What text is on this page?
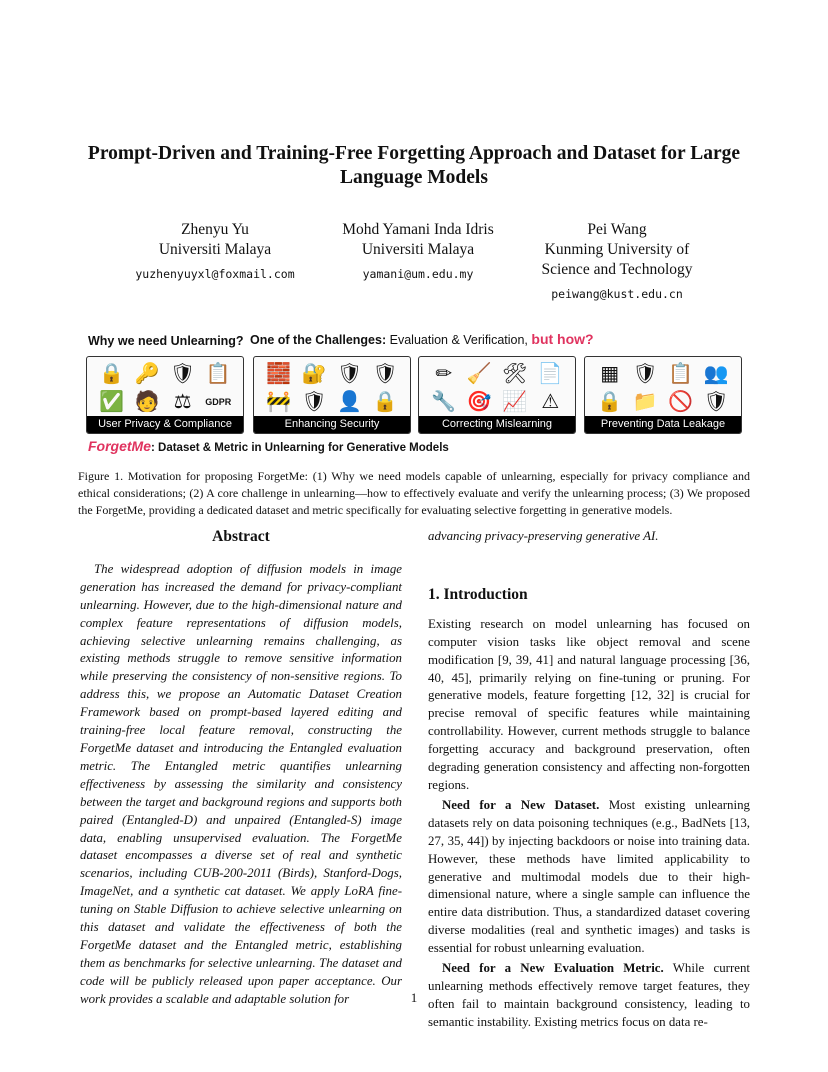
Prompt-Driven and Training-Free Forgetting Approach and Dataset for Large Language Models
Zhenyu Yu
Universiti Malaya
yuzhenyuyxl@foxmail.com
Mohd Yamani Inda Idris
Universiti Malaya
yamani@um.edu.my
Pei Wang
Kunming University of Science and Technology
peiwang@kust.edu.cn
Why we need Unlearning? One of the Challenges: Evaluation & Verification, but how?
🔒 🔑 🛡 📋
✅ 🧑 ⚖	GDPR
User Privacy & Compliance
🧱 🔐 🛡 🛡
🚧 🛡 👤 🔒
Enhancing Security
✏ 🧹 🛠 📄
🔧 🎯 📈 ⚠
Correcting Mislearning
▦ 🛡 📋 👥
🔒 📁 🚫 🛡
Preventing Data Leakage
ForgetMe: Dataset & Metric in Unlearning for Generative Models
Figure 1. Motivation for proposing ForgetMe: (1) Why we need models capable of unlearning, especially for privacy compliance and ethical considerations; (2) A core challenge in unlearning—how to effectively evaluate and verify the unlearning process; (3) We proposed the ForgetMe, providing a dedicated dataset and metric specifically for evaluating selective forgetting in generative models.
Abstract

The widespread adoption of diffusion models in image generation has increased the demand for privacy-compliant unlearning. However, due to the high-dimensional nature and complex feature representations of diffusion models, achieving selective unlearning remains challenging, as existing methods struggle to remove sensitive information while preserving the consistency of non-sensitive regions. To address this, we propose an Automatic Dataset Creation Framework based on prompt-based layered editing and training-free local feature removal, constructing the ForgetMe dataset and introducing the Entangled evaluation metric. The Entangled metric quantifies unlearning effectiveness by assessing the similarity and consistency between the target and background regions and supports both paired (Entangled-D) and unpaired (Entangled-S) image data, enabling unsupervised evaluation. The ForgetMe dataset encompasses a diverse set of real and synthetic scenarios, including CUB-200-2011 (Birds), Stanford-Dogs, ImageNet, and a synthetic cat dataset. We apply LoRA fine-tuning on Stable Diffusion to achieve selective unlearning on this dataset and validate the effectiveness of both the ForgetMe dataset and the Entangled metric, establishing them as benchmarks for selective unlearning. The dataset and code will be publicly released upon paper acceptance. Our work provides a scalable and adaptable solution for

advancing privacy-preserving generative AI.

1. Introduction

Existing research on model unlearning has focused on computer vision tasks like object removal and scene modification [9, 39, 41] and natural language processing [36, 40, 45], primarily relying on fine-tuning or pruning. For generative models, feature forgetting [12, 32] is crucial for precise removal of specific features while maintaining controllability. However, current methods struggle to balance forgetting accuracy and background preservation, often degrading generation consistency and affecting non-forgotten regions.

Need for a New Dataset. Most existing unlearning datasets rely on data poisoning techniques (e.g., BadNets [13, 27, 35, 44]) by injecting backdoors or noise into training data. However, these methods have limited applicability to generative and multimodal models due to their high-dimensional nature, where a single sample can influence the entire data distribution. Thus, a standardized dataset covering diverse modalities (real and synthetic images) and tasks is essential for robust unlearning evaluation.

Need for a New Evaluation Metric. While current unlearning methods effectively remove target features, they often fail to maintain background consistency, leading to semantic instability. Existing metrics focus on data re-

1
